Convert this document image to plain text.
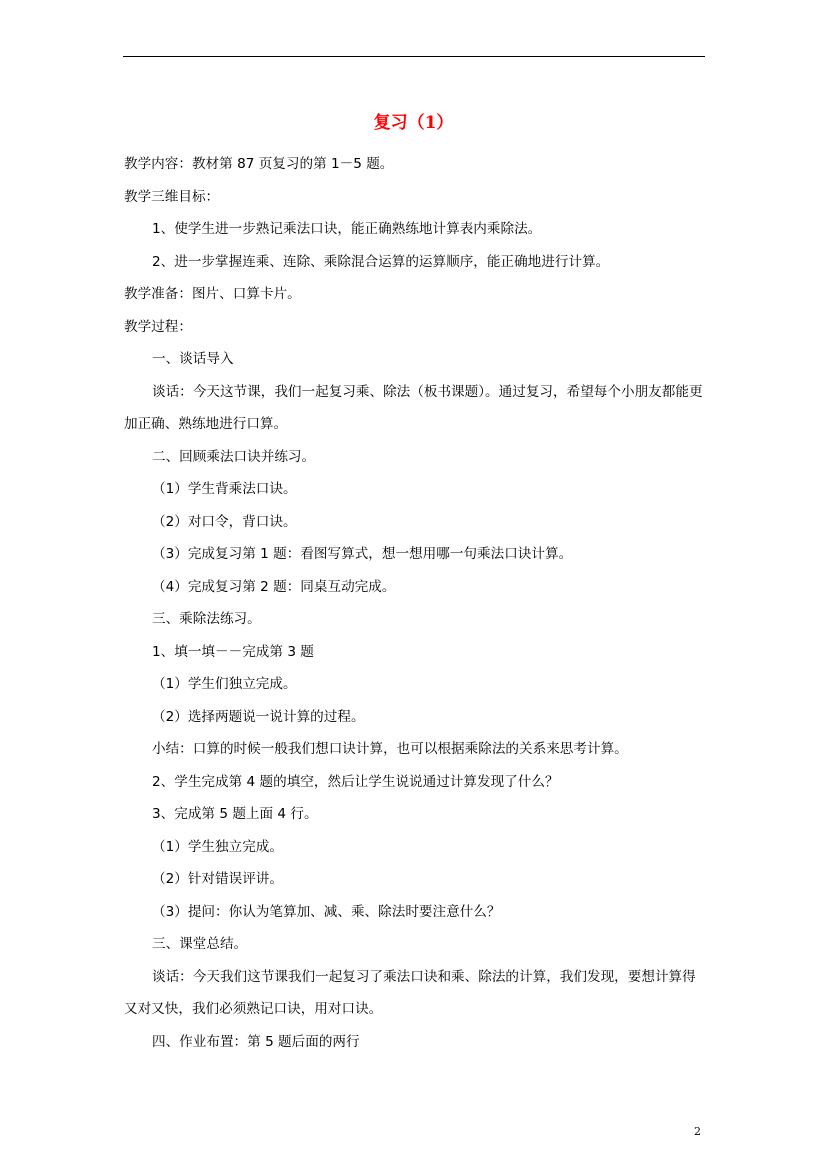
复习（1）

教学内容：教材第 87 页复习的第 1－5 题。

教学三维目标：

1、使学生进一步熟记乘法口诀，能正确熟练地计算表内乘除法。

2、进一步掌握连乘、连除、乘除混合运算的运算顺序，能正确地进行计算。

教学准备：图片、口算卡片。

教学过程：

一、谈话导入

谈话：今天这节课，我们一起复习乘、除法（板书课题）。通过复习，希望每个小朋友都能更加正确、熟练地进行口算。

二、回顾乘法口诀并练习。

（1）学生背乘法口诀。

（2）对口令，背口诀。

（3）完成复习第 1 题：看图写算式，想一想用哪一句乘法口诀计算。

（4）完成复习第 2 题：同桌互动完成。

三、乘除法练习。

1、填一填－－完成第 3 题

（1）学生们独立完成。

（2）选择两题说一说计算的过程。

小结：口算的时候一般我们想口诀计算，也可以根据乘除法的关系来思考计算。

2、学生完成第 4 题的填空，然后让学生说说通过计算发现了什么？

3、完成第 5 题上面 4 行。

（1）学生独立完成。

（2）针对错误评讲。

（3）提问：你认为笔算加、减、乘、除法时要注意什么？

三、课堂总结。

谈话：今天我们这节课我们一起复习了乘法口诀和乘、除法的计算，我们发现，要想计算得又对又快，我们必须熟记口诀，用对口诀。

四、作业布置：第 5 题后面的两行

2
